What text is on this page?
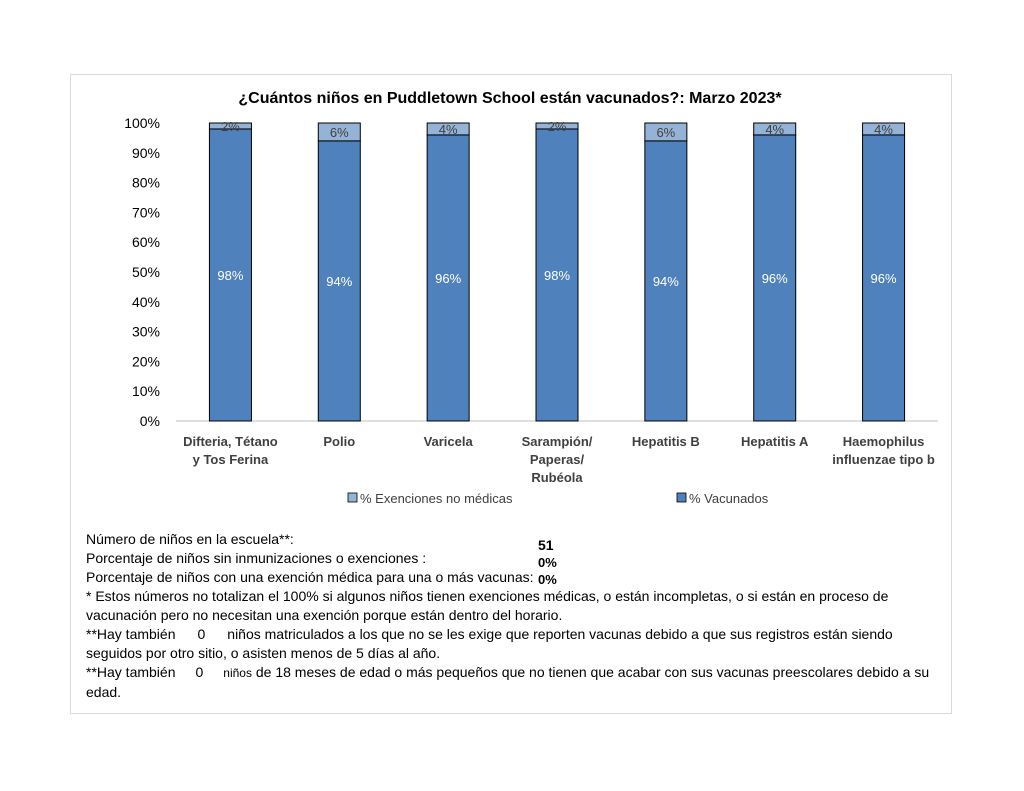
¿Cuántos niños en Puddletown School están vacunados?: Marzo 2023*
0%
10%
20%
30%
40%
50%
60%
70%
80%
90%
100%
98%
2%
Difteria, Tétano
y Tos Ferina
94%
6%
Polio
96%
4%
Varicela
98%
2%
Sarampión/
Paperas/
Rubéola
94%
6%
Hepatitis B
96%
4%
Hepatitis A
96%
4%
Haemophilus
influenzae tipo b
% Exenciones no médicas	% Vacunados
Número de niños en la escuela**:
Porcentaje de niños sin inmunizaciones o exenciones :
Porcentaje de niños con una exención médica para una o más vacunas:
* Estos números no totalizan el 100% si algunos niños tienen exenciones médicas, o están incompletas, o si están en proceso de vacunación pero no necesitan una exención porque están dentro del horario.
**Hay también 0 niños matriculados a los que no se les exige que reporten vacunas debido a que sus registros están siendo seguidos por otro sitio, o asisten menos de 5 días al año.
**Hay también 0 niños de 18 meses de edad o más pequeños que no tienen que acabar con sus vacunas preescolares debido a su edad.
51
0%
0%
